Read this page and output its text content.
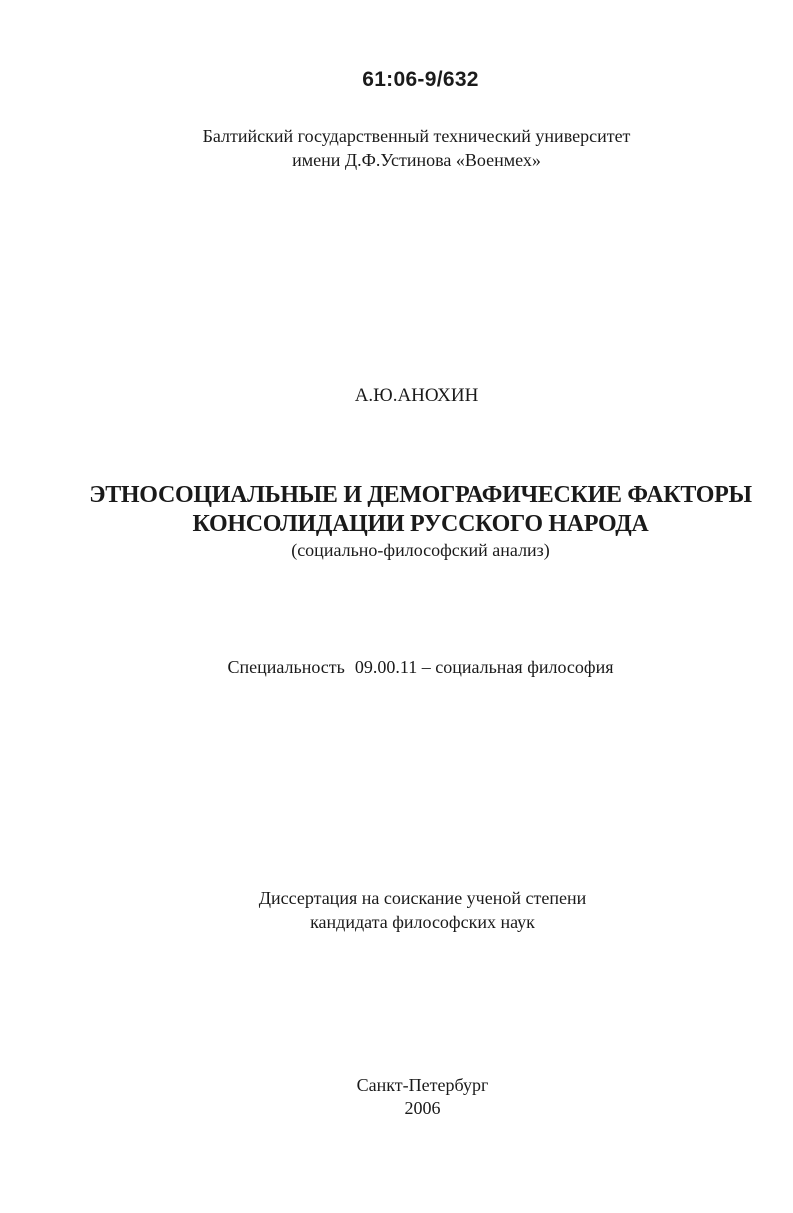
61:06-9/632
Балтийский государственный технический университет
имени Д.Ф.Устинова «Военмех»
А.Ю.АНОХИН
ЭТНОСОЦИАЛЬНЫЕ И ДЕМОГРАФИЧЕСКИЕ ФАКТОРЫ
КОНСОЛИДАЦИИ РУССКОГО НАРОДА
(социально-философский анализ)
Специальность 09.00.11 – социальная философия
Диссертация на соискание ученой степени
кандидата философских наук
Санкт-Петербург
2006
